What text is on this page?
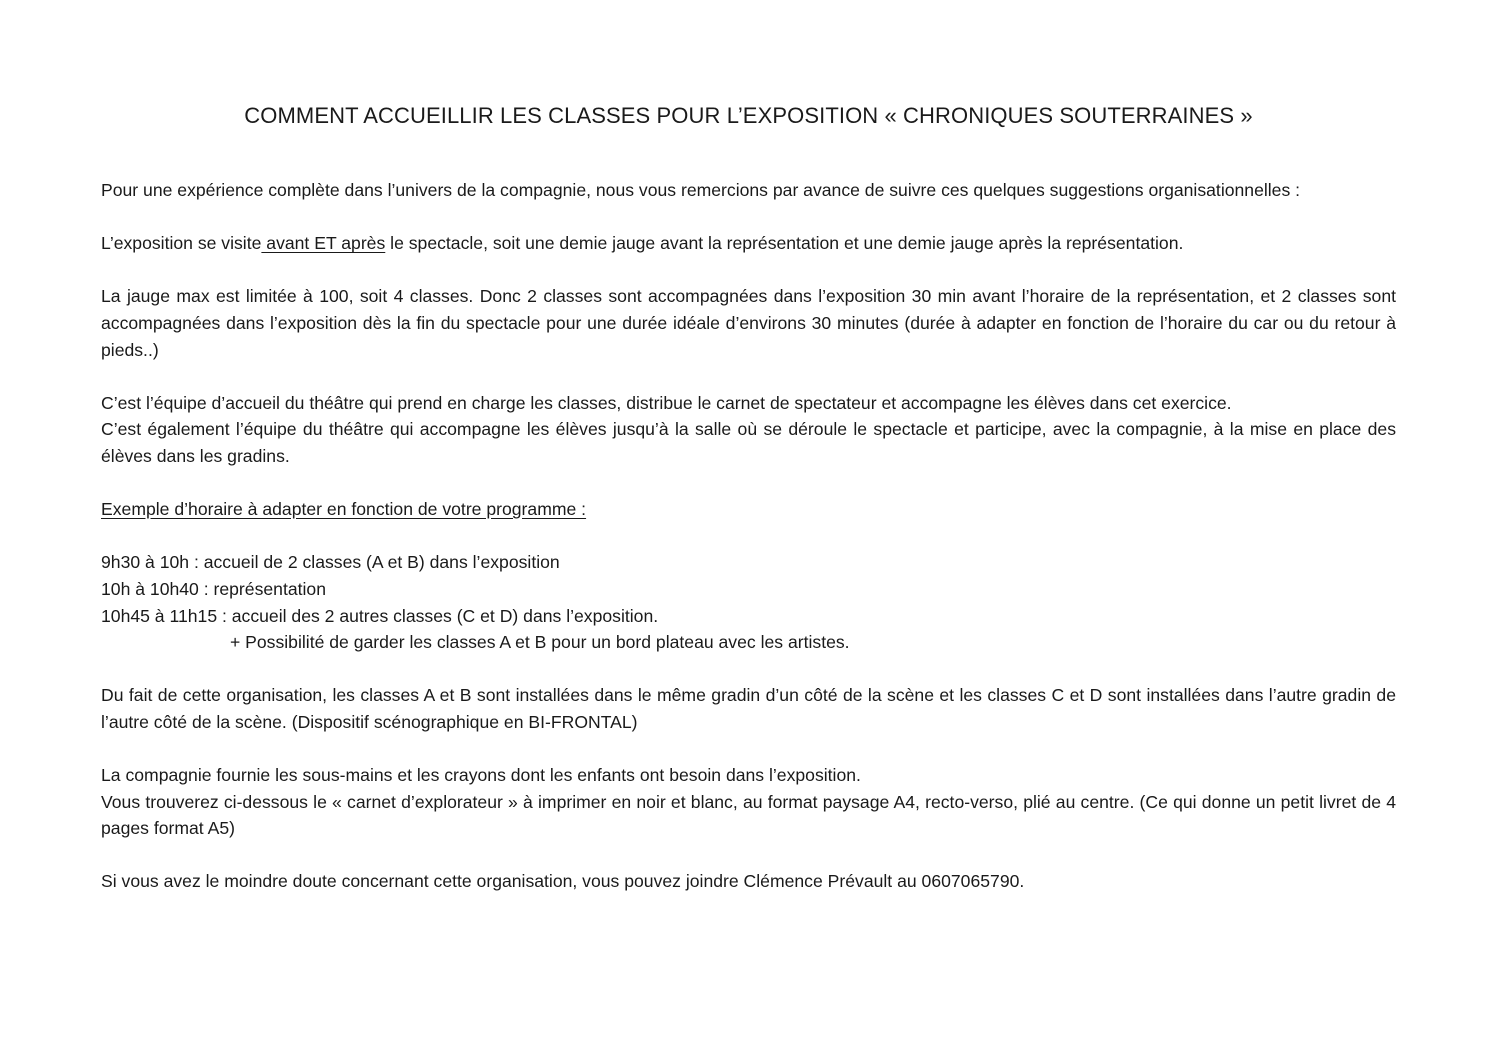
COMMENT ACCUEILLIR LES CLASSES POUR L’EXPOSITION « CHRONIQUES SOUTERRAINES »

Pour une expérience complète dans l’univers de la compagnie, nous vous remercions par avance de suivre ces quelques suggestions organisationnelles :

L’exposition se visite avant ET après le spectacle, soit une demie jauge avant la représentation et une demie jauge après la représentation.

La jauge max est limitée à 100, soit 4 classes. Donc 2 classes sont accompagnées dans l’exposition 30 min avant l’horaire de la représentation, et 2 classes sont accompagnées dans l’exposition dès la fin du spectacle pour une durée idéale d’environs 30 minutes (durée à adapter en fonction de l’horaire du car ou du retour à pieds..)

C’est l’équipe d’accueil du théâtre qui prend en charge les classes, distribue le carnet de spectateur et accompagne les élèves dans cet exercice.
C’est également l’équipe du théâtre qui accompagne les élèves jusqu’à la salle où se déroule le spectacle et participe, avec la compagnie, à la mise en place des élèves dans les gradins.

Exemple d’horaire à adapter en fonction de votre programme :

9h30 à 10h : accueil de 2 classes (A et B) dans l’exposition
10h à 10h40 : représentation
10h45 à 11h15 : accueil des 2 autres classes (C et D) dans l’exposition.
+ Possibilité de garder les classes A et B pour un bord plateau avec les artistes.

Du fait de cette organisation, les classes A et B sont installées dans le même gradin d’un côté de la scène et les classes C et D sont installées dans l’autre gradin de l’autre côté de la scène. (Dispositif scénographique en BI-FRONTAL)

La compagnie fournie les sous-mains et les crayons dont les enfants ont besoin dans l’exposition.
Vous trouverez ci-dessous le « carnet d’explorateur » à imprimer en noir et blanc, au format paysage A4, recto-verso, plié au centre. (Ce qui donne un petit livret de 4 pages format A5)

Si vous avez le moindre doute concernant cette organisation, vous pouvez joindre Clémence Prévault au 0607065790.
